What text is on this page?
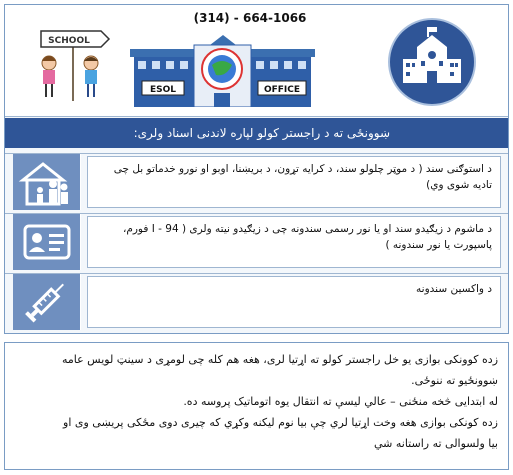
(314) - 664-1066
SCHOOL
ESOL	OFFICE
ښوونځی ته د راجستر کولو لپاره لاندنی اسناد ولری:
د استوګنی سند ( د موټر چلولو سند، د کرایه تړون، د بریښنا، اوبو او نورو خدماتو بل چی تادیه شوی وي)
د ماشوم د زیګیدو سند او یا نور رسمی سندونه چی د زیګیدو نیته ولری ( I - 94 فورم، پاسپورت یا نور سندونه )
د واکسین سندونه

زده کوونکی بوازی یو خل راجستر کولو ته اړتیا لری، هغه هم کله چی لومړی د سینټ لویس عامه

ښوونځیو ته ننوځی.

له ابتدایی څخه منځنی – عالي لیسې ته انتقال یوه اتوماتیک پروسه ده.

زده کونکی بوازی هغه وخت اړتیا لري چې بیا نوم لیکنه وکړي که چیری دوی مځکی پریښی وی او

بیا ولسوالی ته راستانه شي
